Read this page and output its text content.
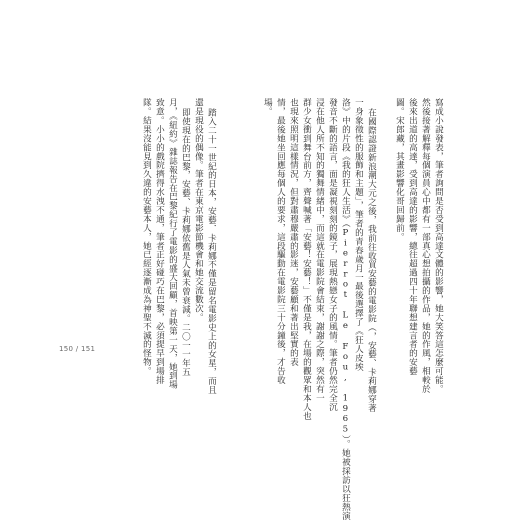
寫成小說發表，筆者詢問是否受到高達文體的影響，她大笑答這怎麼可能。
然後接著解釋每個演員心中都有一部真心想拍攝的作品，她的作風，相較於
後來出道的高達，受到高達的影響，總往超過四十年聯想建言者的安藝
圖。宋郎藏，其畫影響化哥回歸前。
在國際認證新浪潮大元之後，我前往收買安藝的電影院（，安藝、卡莉娜穿著
一身象徵性的服飾和主題」，筆者的青春歲月一最後選擇了《狂人皮埃
洛》中的片段《我的狂人生活》（Pierrot Le Fou, 1965）。她被採訪以狂熱演
發音不斷的語言，面是凝視刻刻的鏡子，展現熱戀女子的風情。筆者仍然完全沉
浸在他人所不知的獨舞情緒中，而這就在電影院會結束，謝謝之際，突然有一
群少女衝到舞台前方，齊聲喊著「安藝！安藝！」不僅是我，在場的觀眾和本人也
也現來照明這樣情況，但對肅穆嚴肅的影迷，安藝顧和著出堅實的表
情，最後她坐回應每個人的要求，這段驅動在電影院三十分鐘後，才告收
場。
踏入二十一世紀的日本，安藝．卡莉娜不僅是留名電影史上的女星，而且
還是現役的偶像。筆者在東京電影節機會和她交流數次。
即使現在的巴黎，安藝、卡莉娜依舊是人氣未曾衰減。二〇一一年五
月，《紐約》雜誌報告在巴黎紀行了電影的盛大回顧，首映第一天，她到場
致意。小小的戲院擠得水洩不通，筆者正好碰巧在巴黎，必須提早到場排
隊。結果沒能見到久違的安藝本人，她已經逐漸成為神聖不滅的怪物。
150 / 151
